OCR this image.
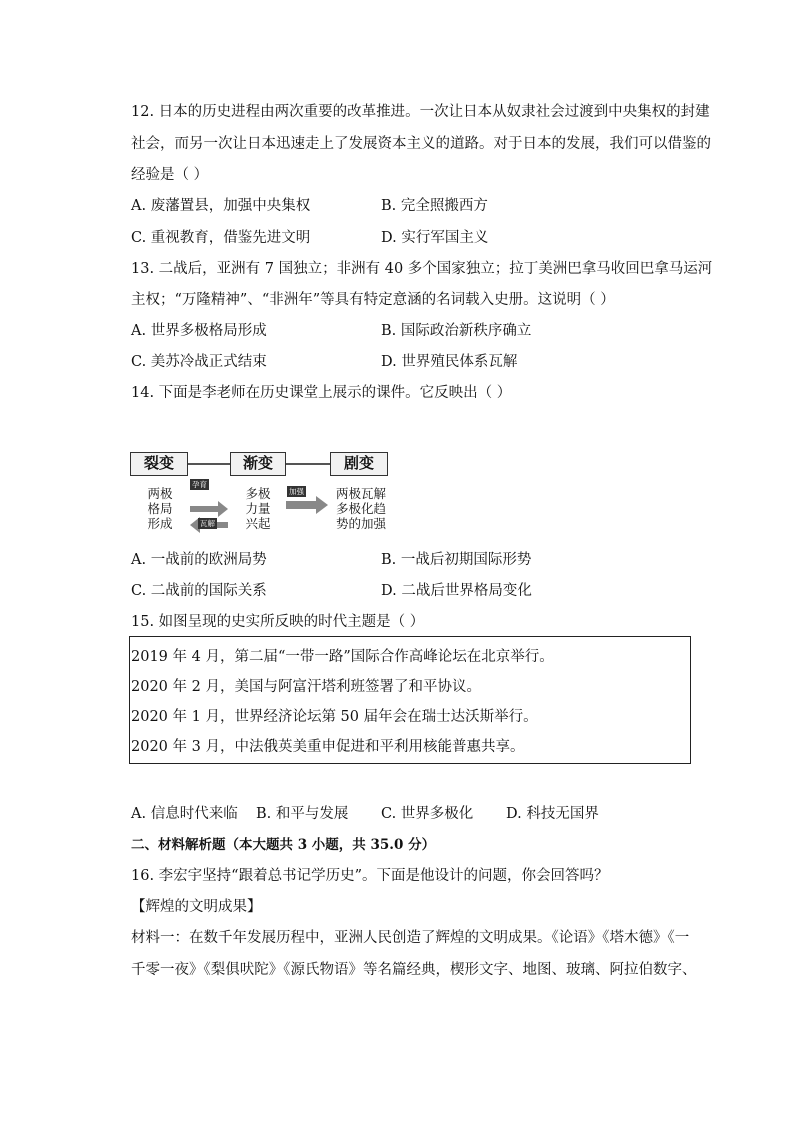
12. 日本的历史进程由两次重要的改革推进。一次让日本从奴隶社会过渡到中央集权的封建
社会，而另一次让日本迅速走上了发展资本主义的道路。对于日本的发展，我们可以借鉴的
经验是（ ）
A. 废藩置县，加强中央集权	B. 完全照搬西方
C. 重视教育，借鉴先进文明	D. 实行军国主义
13. 二战后，亚洲有 7 国独立；非洲有 40 多个国家独立；拉丁美洲巴拿马收回巴拿马运河
主权；“万隆精神”、“非洲年”等具有特定意涵的名词载入史册。这说明（ ）
A. 世界多极格局形成	B. 国际政治新秩序确立
C. 美苏冷战正式结束	D. 世界殖民体系瓦解
14. 下面是李老师在历史课堂上展示的课件。它反映出（ ）
裂变	渐变	剧变
两极
格局
形成
多极
力量
兴起
两极瓦解
多极化趋
势的加强
孕育
瓦解
加强
A. 一战前的欧洲局势	B. 一战后初期国际形势
C. 二战前的国际关系	D. 二战后世界格局变化
15. 如图呈现的史实所反映的时代主题是（ ）
2019 年 4 月，第二届“一带一路”国际合作高峰论坛在北京举行。
2020 年 2 月，美国与阿富汗塔利班签署了和平协议。
2020 年 1 月，世界经济论坛第 50 届年会在瑞士达沃斯举行。
2020 年 3 月，中法俄英美重申促进和平利用核能普惠共享。
A. 信息时代来临 B. 和平与发展 C. 世界多极化 D. 科技无国界
二、材料解析题（本大题共 3 小题，共 35.0 分）
16. 李宏宇坚持“跟着总书记学历史”。下面是他设计的问题，你会回答吗？
【辉煌的文明成果】
材料一：在数千年发展历程中，亚洲人民创造了辉煌的文明成果。《论语》《塔木德》《一
千零一夜》《梨俱吠陀》《源氏物语》等名篇经典，楔形文字、地图、玻璃、阿拉伯数字、
